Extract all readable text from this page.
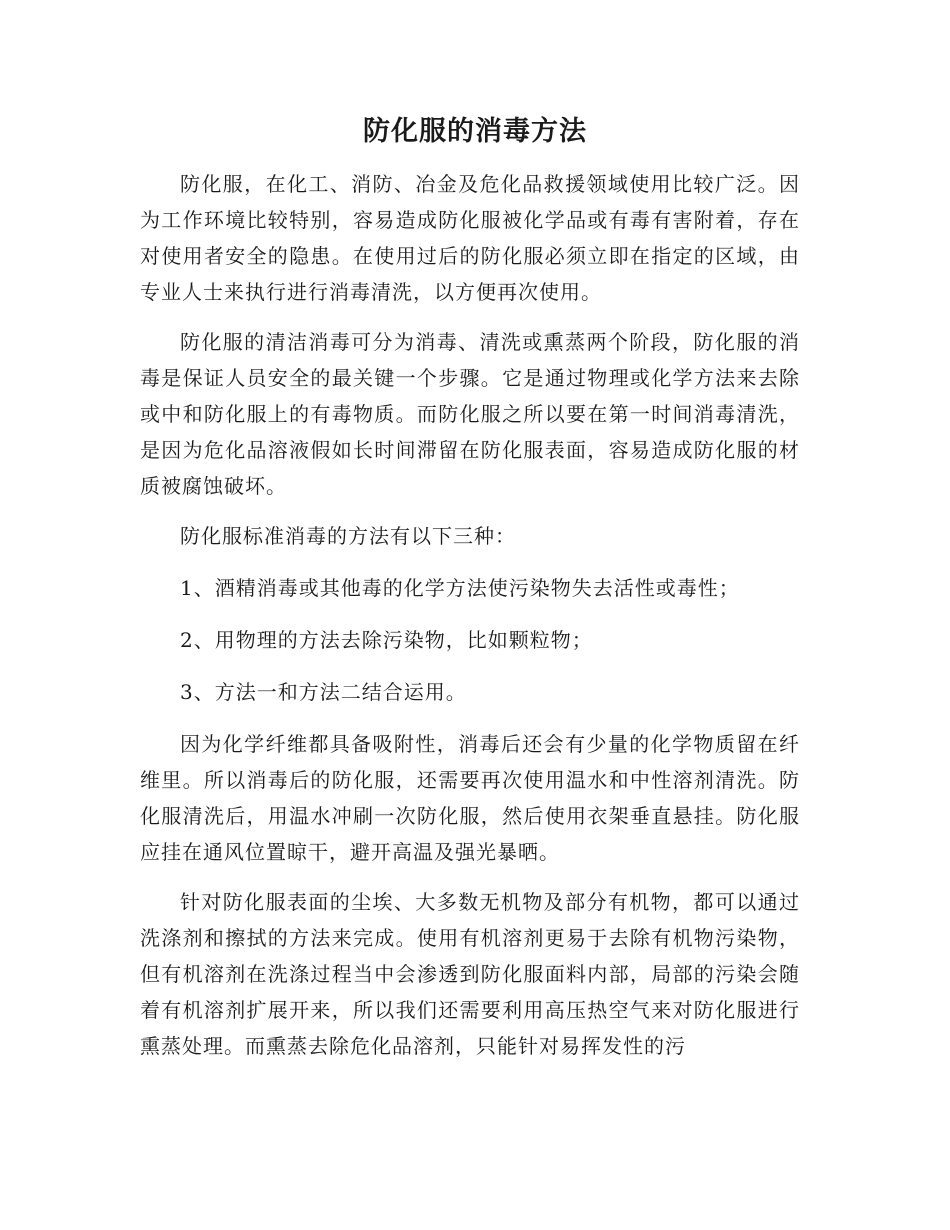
防化服的消毒方法

防化服，在化工、消防、冶金及危化品救援领域使用比较广泛。因为工作环境比较特别，容易造成防化服被化学品或有毒有害附着，存在对使用者安全的隐患。在使用过后的防化服必须立即在指定的区域，由专业人士来执行进行消毒清洗，以方便再次使用。

防化服的清洁消毒可分为消毒、清洗或熏蒸两个阶段，防化服的消毒是保证人员安全的最关键一个步骤。它是通过物理或化学方法来去除或中和防化服上的有毒物质。而防化服之所以要在第一时间消毒清洗，是因为危化品溶液假如长时间滞留在防化服表面，容易造成防化服的材质被腐蚀破坏。

防化服标准消毒的方法有以下三种：

1、酒精消毒或其他毒的化学方法使污染物失去活性或毒性；

2、用物理的方法去除污染物，比如颗粒物；

3、方法一和方法二结合运用。

因为化学纤维都具备吸附性，消毒后还会有少量的化学物质留在纤维里。所以消毒后的防化服，还需要再次使用温水和中性溶剂清洗。防化服清洗后，用温水冲刷一次防化服，然后使用衣架垂直悬挂。防化服应挂在通风位置晾干，避开高温及强光暴晒。

针对防化服表面的尘埃、大多数无机物及部分有机物，都可以通过洗涤剂和擦拭的方法来完成。使用有机溶剂更易于去除有机物污染物，但有机溶剂在洗涤过程当中会渗透到防化服面料内部，局部的污染会随着有机溶剂扩展开来，所以我们还需要利用高压热空气来对防化服进行熏蒸处理。而熏蒸去除危化品溶剂，只能针对易挥发性的污
